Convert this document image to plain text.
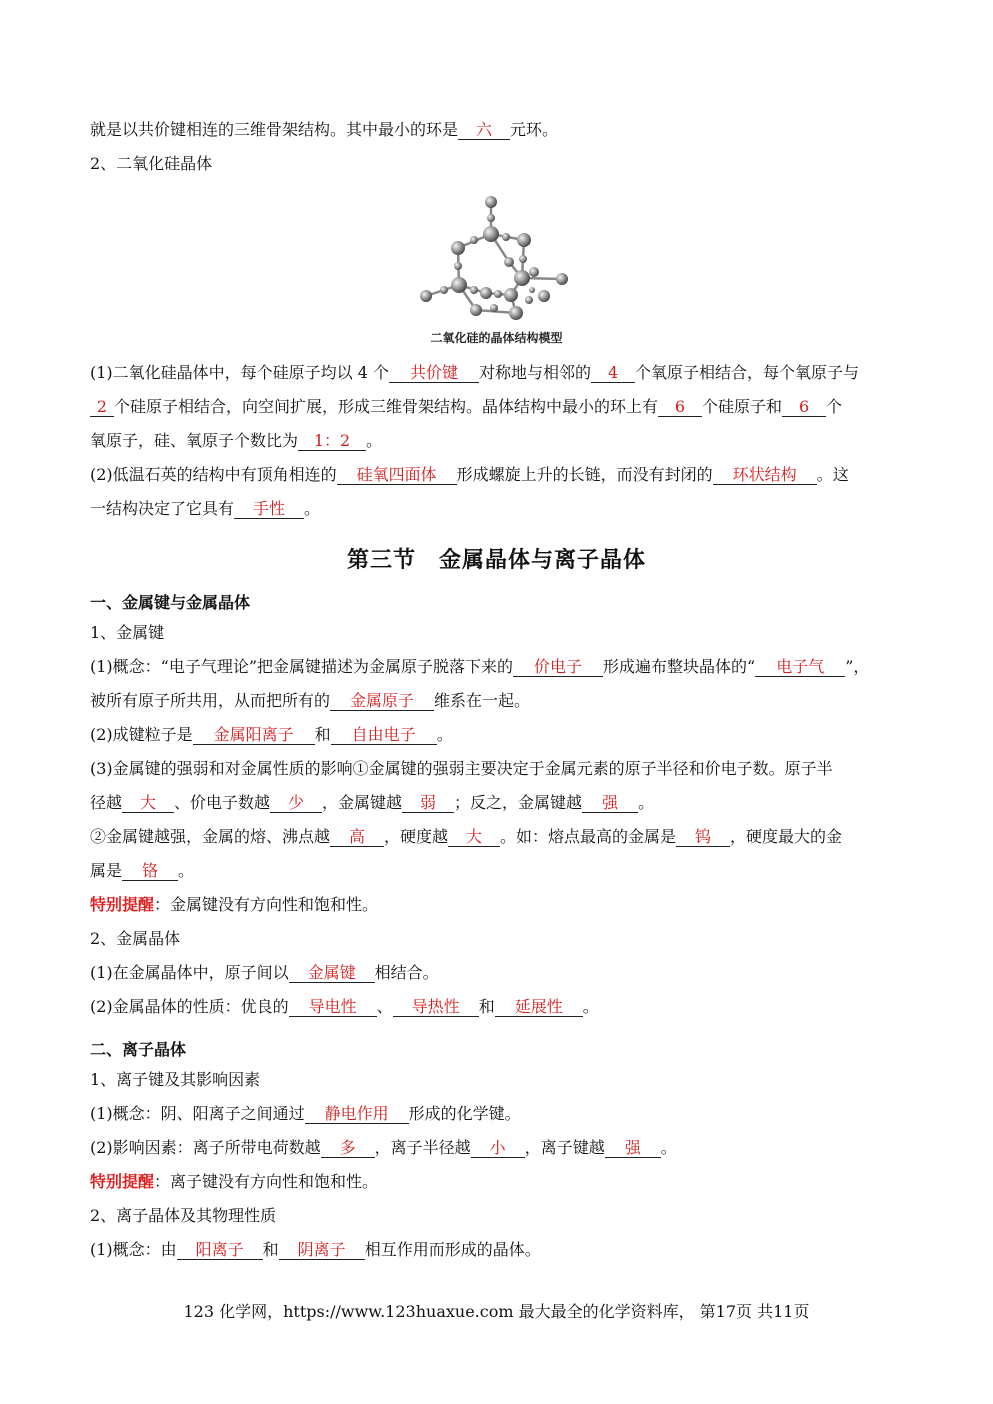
就是以共价键相连的三维骨架结构。其中最小的环是 六 元环。
2、二氧化硅晶体
二氧化硅的晶体结构模型
(1)二氧化硅晶体中，每个硅原子均以 4 个 共价键 对称地与相邻的 4 个氧原子相结合，每个氧原子与
2 个硅原子相结合，向空间扩展，形成三维骨架结构。晶体结构中最小的环上有 6 个硅原子和 6 个
氧原子，硅、氧原子个数比为 1：2 。
(2)低温石英的结构中有顶角相连的 硅氧四面体 形成螺旋上升的长链，而没有封闭的 环状结构 。这
一结构决定了它具有 手性 。
第三节　金属晶体与离子晶体
一、金属键与金属晶体
1、金属键
(1)概念：“电子气理论”把金属键描述为金属原子脱落下来的 价电子 形成遍布整块晶体的“ 电子气 ”，
被所有原子所共用，从而把所有的 金属原子 维系在一起。
(2)成键粒子是 金属阳离子 和 自由电子 。
(3)金属键的强弱和对金属性质的影响①金属键的强弱主要决定于金属元素的原子半径和价电子数。原子半
径越 大 、价电子数越 少 ，金属键越 弱 ；反之，金属键越 强 。
②金属键越强，金属的熔、沸点越 高 ，硬度越 大 。如：熔点最高的金属是 钨 ，硬度最大的金
属是 铬 。
特别提醒：金属键没有方向性和饱和性。
2、金属晶体
(1)在金属晶体中，原子间以 金属键 相结合。
(2)金属晶体的性质：优良的 导电性 、 导热性 和 延展性 。
二、离子晶体
1、离子键及其影响因素
(1)概念：阴、阳离子之间通过 静电作用 形成的化学键。
(2)影响因素：离子所带电荷数越 多 ，离子半径越 小 ，离子键越 强 。
特别提醒：离子键没有方向性和饱和性。
2、离子晶体及其物理性质
(1)概念：由 阳离子 和 阴离子 相互作用而形成的晶体。
123 化学网，https://www.123huaxue.com 最大最全的化学资料库， 第17页 共11页
